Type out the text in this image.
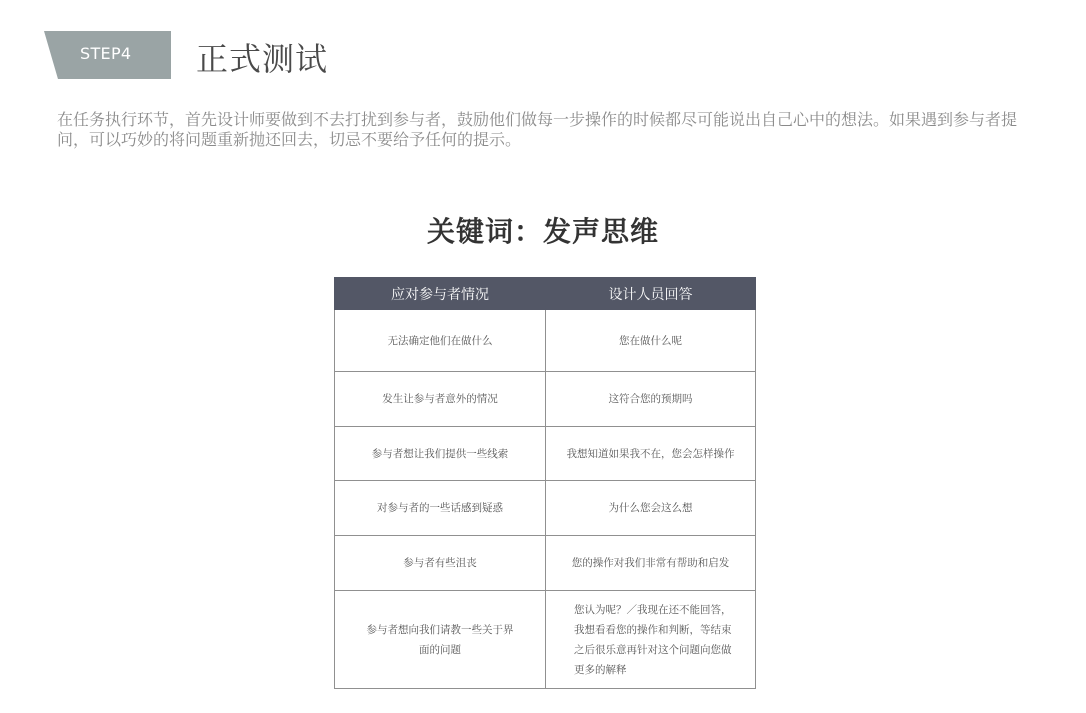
STEP4 正式测试

在任务执行环节，首先设计师要做到不去打扰到参与者，鼓励他们做每一步操作的时候都尽可能说出自己心中的想法。如果遇到参与者提问，可以巧妙的将问题重新抛还回去，切忌不要给予任何的提示。

关键词：发声思维
应对参与者情况	设计人员回答
无法确定他们在做什么	您在做什么呢
发生让参与者意外的情况	这符合您的预期吗
参与者想让我们提供一些线索	我想知道如果我不在，您会怎样操作
对参与者的一些话感到疑惑	为什么您会这么想
参与者有些沮丧	您的操作对我们非常有帮助和启发
参与者想向我们请教一些关于界面的问题	您认为呢？／我现在还不能回答，我想看看您的操作和判断，等结束之后很乐意再针对这个问题向您做更多的解释
